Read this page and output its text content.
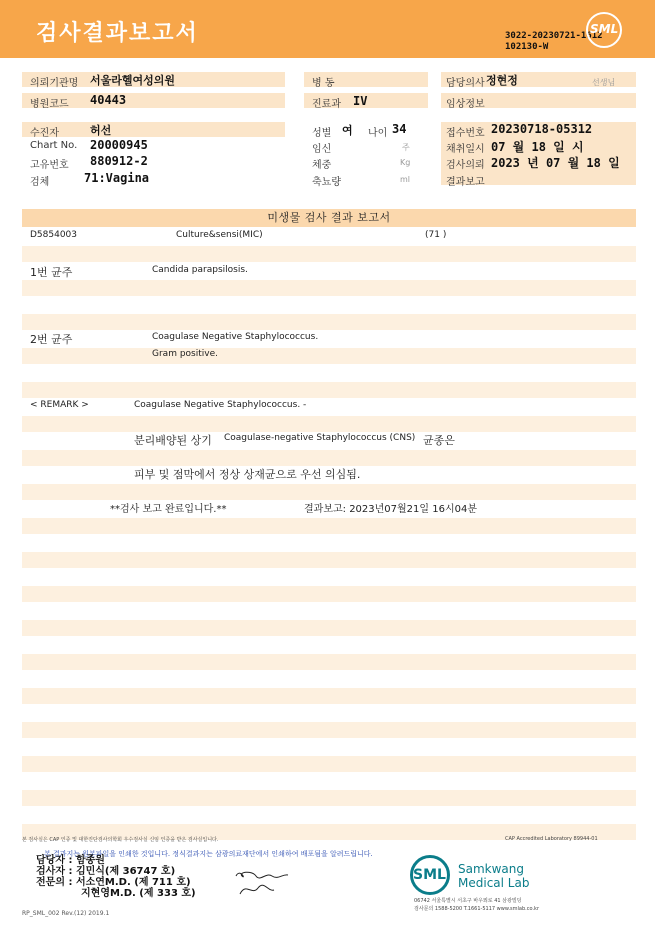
검사결과보고서	3022-20230721-1612
102130-W
SML
의뢰기관명 서울라헬여성의원	병 동	담당의사 정현정	선생님
병원코드 40443	진료과 IV	임상정보
수진자	허선	성별 여 나이 34	접수번호 20230718-05312
Chart No. 20000945	임신	주	채취일시 07 월 18 일 시
고유번호 880912-2	체중	Kg	검사의뢰 2023 년 07 월 18 일
검체	71:Vagina	축뇨량	ml	결과보고
미생물 검사 결과 보고서
D5854003	Culture&sensi(MIC)	(71 )
1번 균주	Candida parapsilosis.
2번 균주	Coagulase Negative Staphylococcus.
Gram positive.
< REMARK >	Coagulase Negative Staphylococcus. -
분리배양된 상기 Coagulase-negative Staphylococcus (CNS) 균종은
피부 및 점막에서 정상 상재균으로 우선 의심됨.
**검사 보고 완료입니다.**	결과보고: 2023년07월21일 16시04분
본 검사실은 CAP 인증 및 대한진단검사의학회 우수검사실 신임 인증을 받은 검사실입니다.	CAP Accredited Laboratory 89944-01
본 결과지는 원본파일을 인쇄한 것입니다. 정식결과지는 삼광의료재단에서 인쇄하여 배포됨을 알려드립니다.
담당자 : 함종원
검사자 : 김민식(제 36747 호)
전문의 : 서소연M.D. (제 711 호)
지현영M.D. (제 333 호)
SML Samkwang
Medical Lab
06742 서울특별시 서초구 바우뫼로 41 삼광빌딩
검사문의 1588-5200 T.1661-5117 www.smlab.co.kr
RP_SML_002 Rev.(12) 2019.1
